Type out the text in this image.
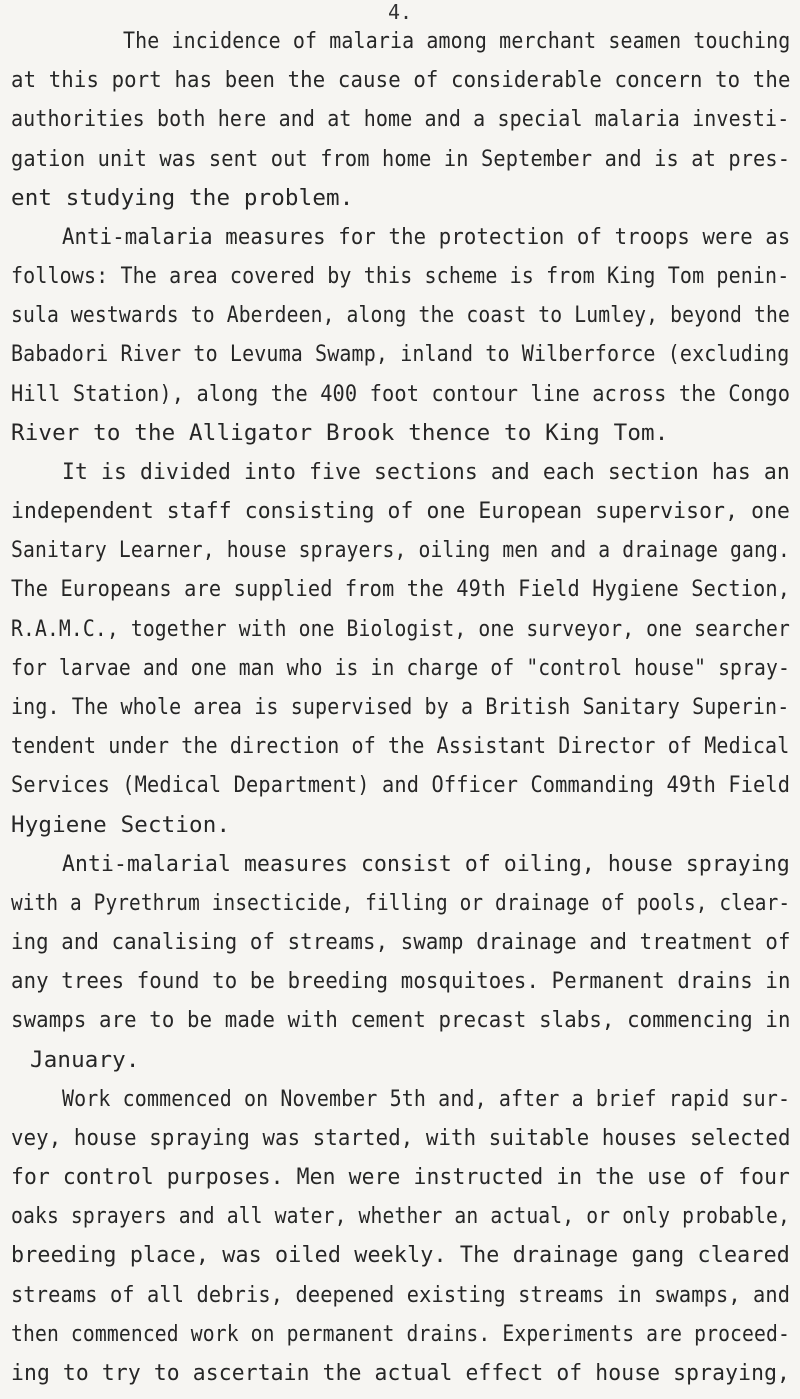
4.
The incidence of malaria among merchant seamen touching
at this port has been the cause of considerable concern to the
authorities both here and at home and a special malaria investi-
gation unit was sent out from home in September and is at pres-
ent studying the problem.
Anti-malaria measures for the protection of troops were as
follows: The area covered by this scheme is from King Tom penin-
sula westwards to Aberdeen, along the coast to Lumley, beyond the
Babadori River to Levuma Swamp, inland to Wilberforce (excluding
Hill Station), along the 400 foot contour line across the Congo
River to the Alligator Brook thence to King Tom.
It is divided into five sections and each section has an
independent staff consisting of one European supervisor, one
Sanitary Learner, house sprayers, oiling men and a drainage gang.
The Europeans are supplied from the 49th Field Hygiene Section,
R.A.M.C., together with one Biologist, one surveyor, one searcher
for larvae and one man who is in charge of "control house" spray-
ing. The whole area is supervised by a British Sanitary Superin-
tendent under the direction of the Assistant Director of Medical
Services (Medical Department) and Officer Commanding 49th Field
Hygiene Section.
Anti-malarial measures consist of oiling, house spraying
with a Pyrethrum insecticide, filling or drainage of pools, clear-
ing and canalising of streams, swamp drainage and treatment of
any trees found to be breeding mosquitoes. Permanent drains in
swamps are to be made with cement precast slabs, commencing in
January.
Work commenced on November 5th and, after a brief rapid sur-
vey, house spraying was started, with suitable houses selected
for control purposes. Men were instructed in the use of four
oaks sprayers and all water, whether an actual, or only probable,
breeding place, was oiled weekly. The drainage gang cleared
streams of all debris, deepened existing streams in swamps, and
then commenced work on permanent drains. Experiments are proceed-
ing to try to ascertain the actual effect of house spraying,
